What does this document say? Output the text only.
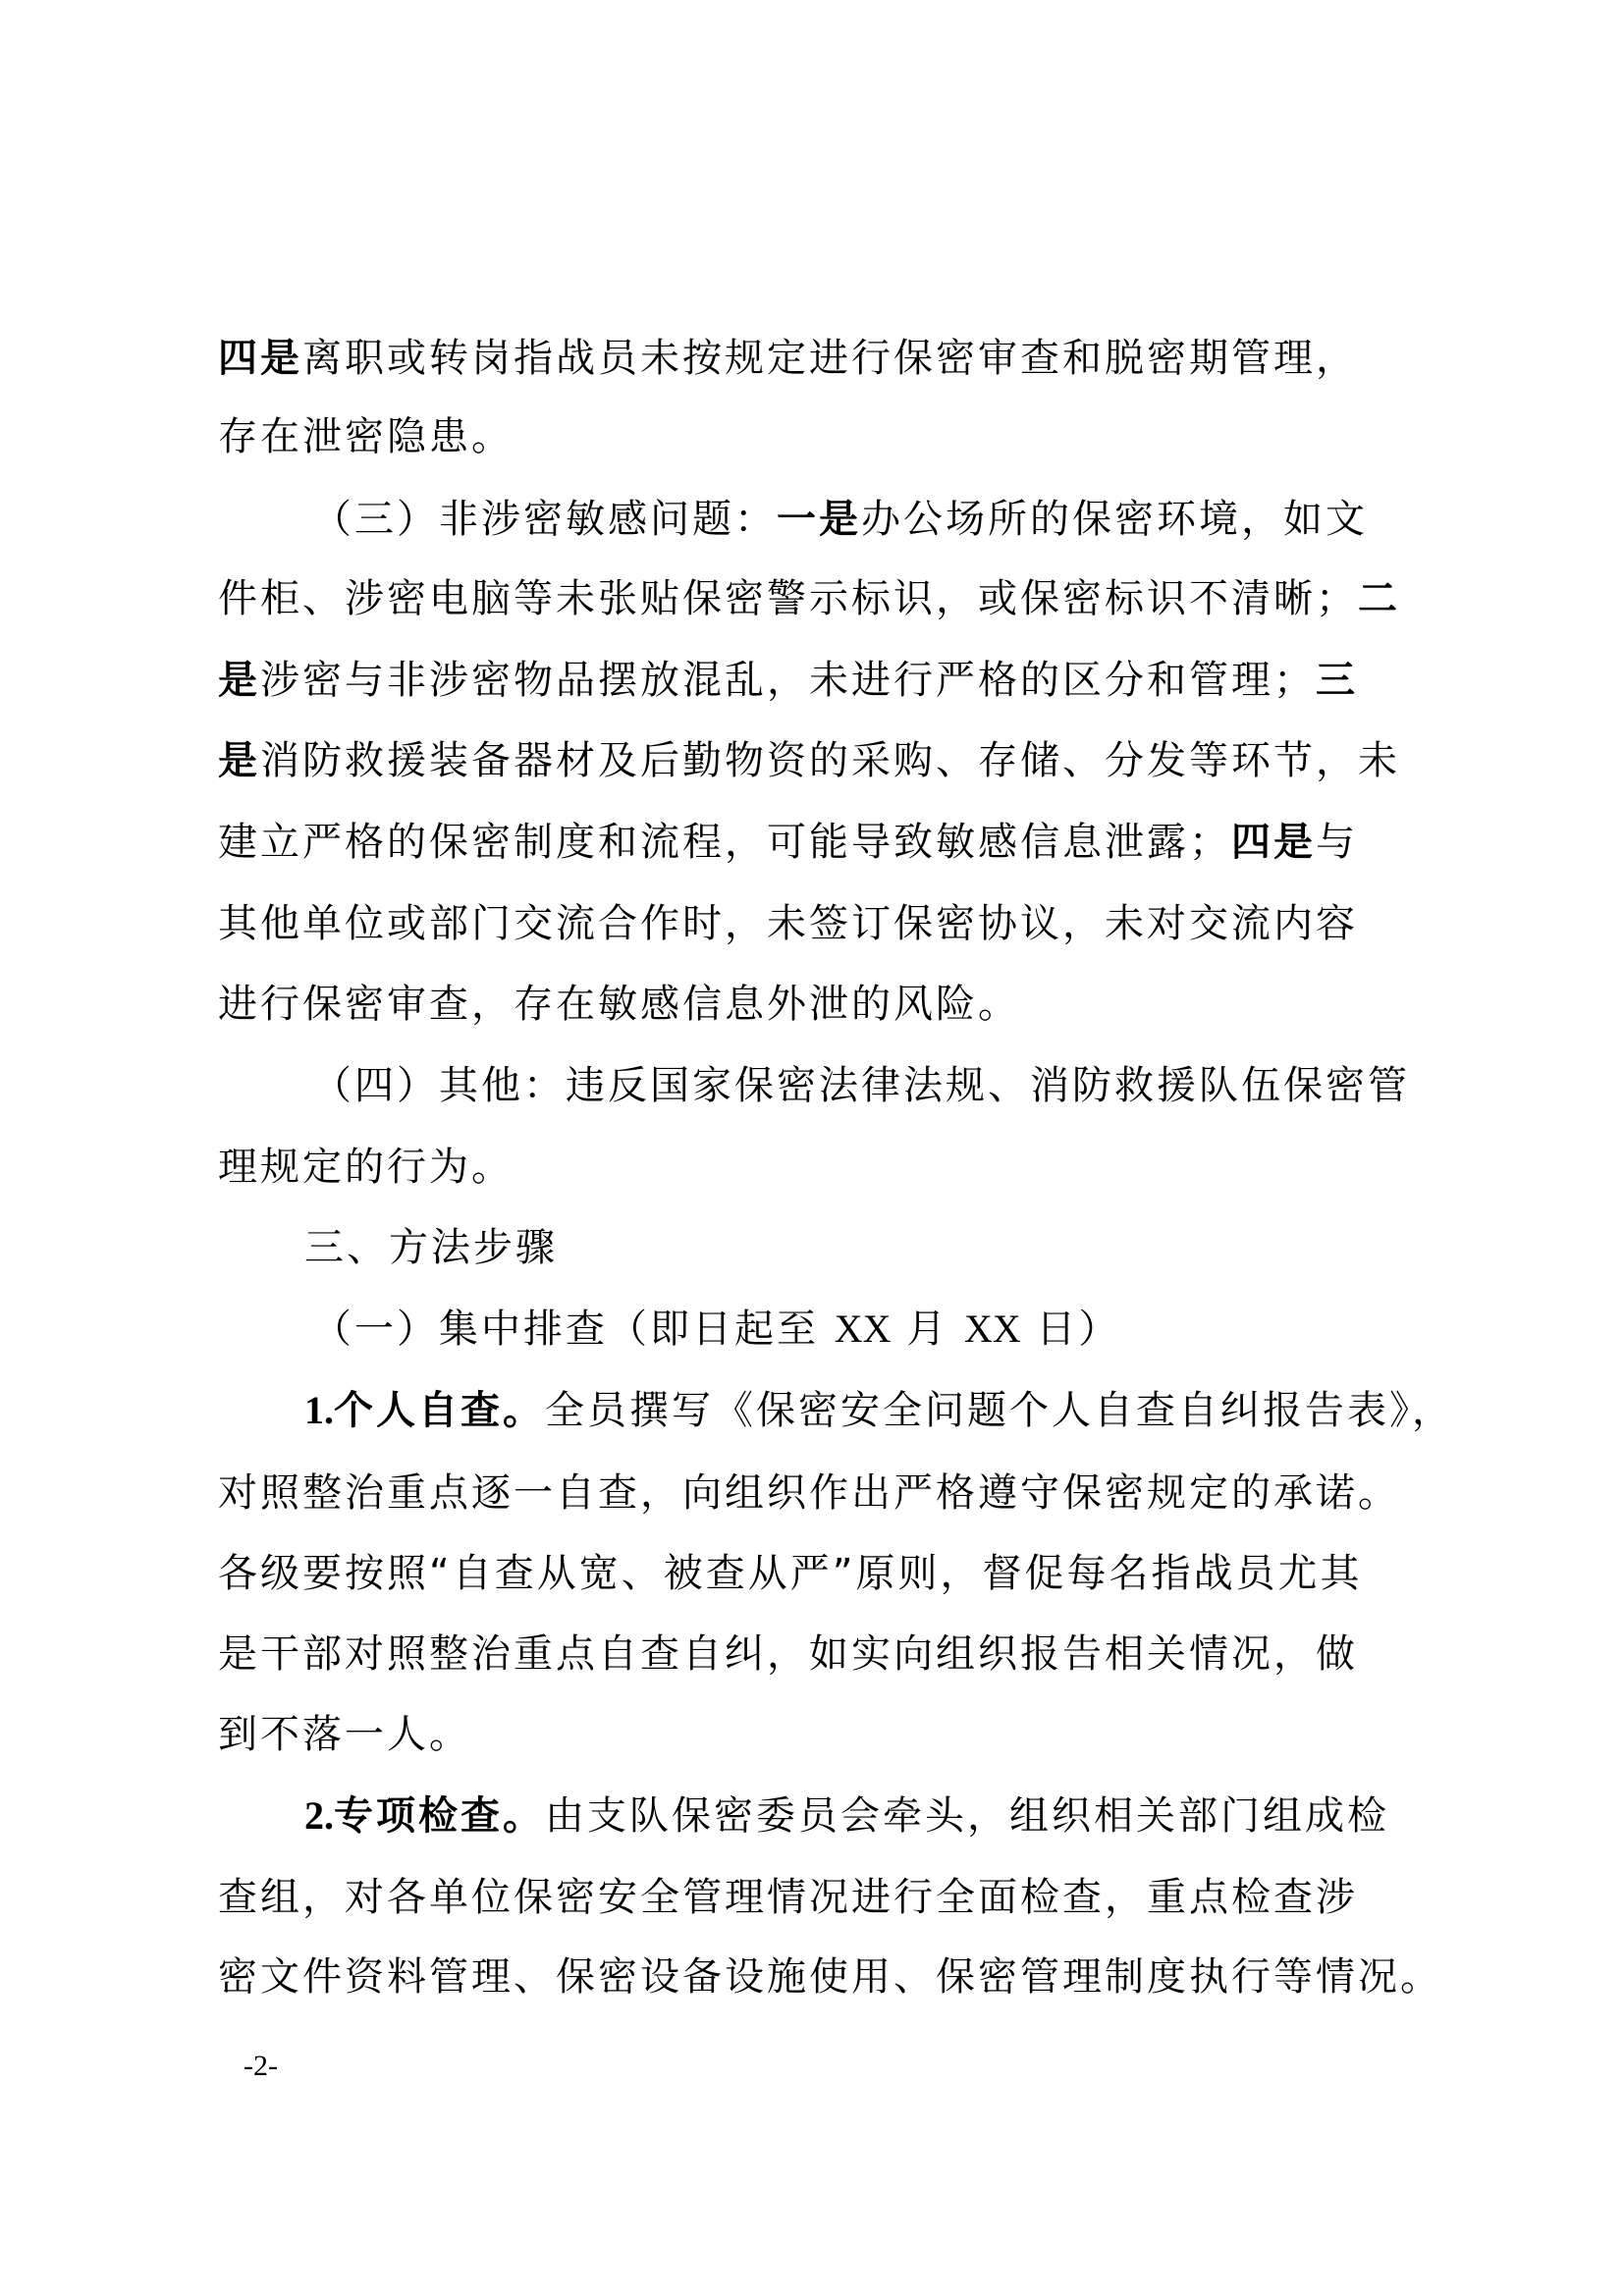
四是离职或转岗指战员未按规定进行保密审查和脱密期管理，
存在泄密隐患。
（三）非涉密敏感问题：一是办公场所的保密环境，如文
件柜、涉密电脑等未张贴保密警示标识，或保密标识不清晰；二
是涉密与非涉密物品摆放混乱，未进行严格的区分和管理；三
是消防救援装备器材及后勤物资的采购、存储、分发等环节，未
建立严格的保密制度和流程，可能导致敏感信息泄露；四是与
其他单位或部门交流合作时，未签订保密协议，未对交流内容
进行保密审查，存在敏感信息外泄的风险。
（四）其他：违反国家保密法律法规、消防救援队伍保密管
理规定的行为。
三、方法步骤
（一）集中排查（即日起至 XX 月 XX 日）
1.个人自查。全员撰写《保密安全问题个人自查自纠报告表》，
对照整治重点逐一自查，向组织作出严格遵守保密规定的承诺。
各级要按照“自查从宽、被查从严”原则，督促每名指战员尤其
是干部对照整治重点自查自纠，如实向组织报告相关情况，做
到不落一人。
2.专项检查。由支队保密委员会牵头，组织相关部门组成检
查组，对各单位保密安全管理情况进行全面检查，重点检查涉
密文件资料管理、保密设备设施使用、保密管理制度执行等情况。
-2-
